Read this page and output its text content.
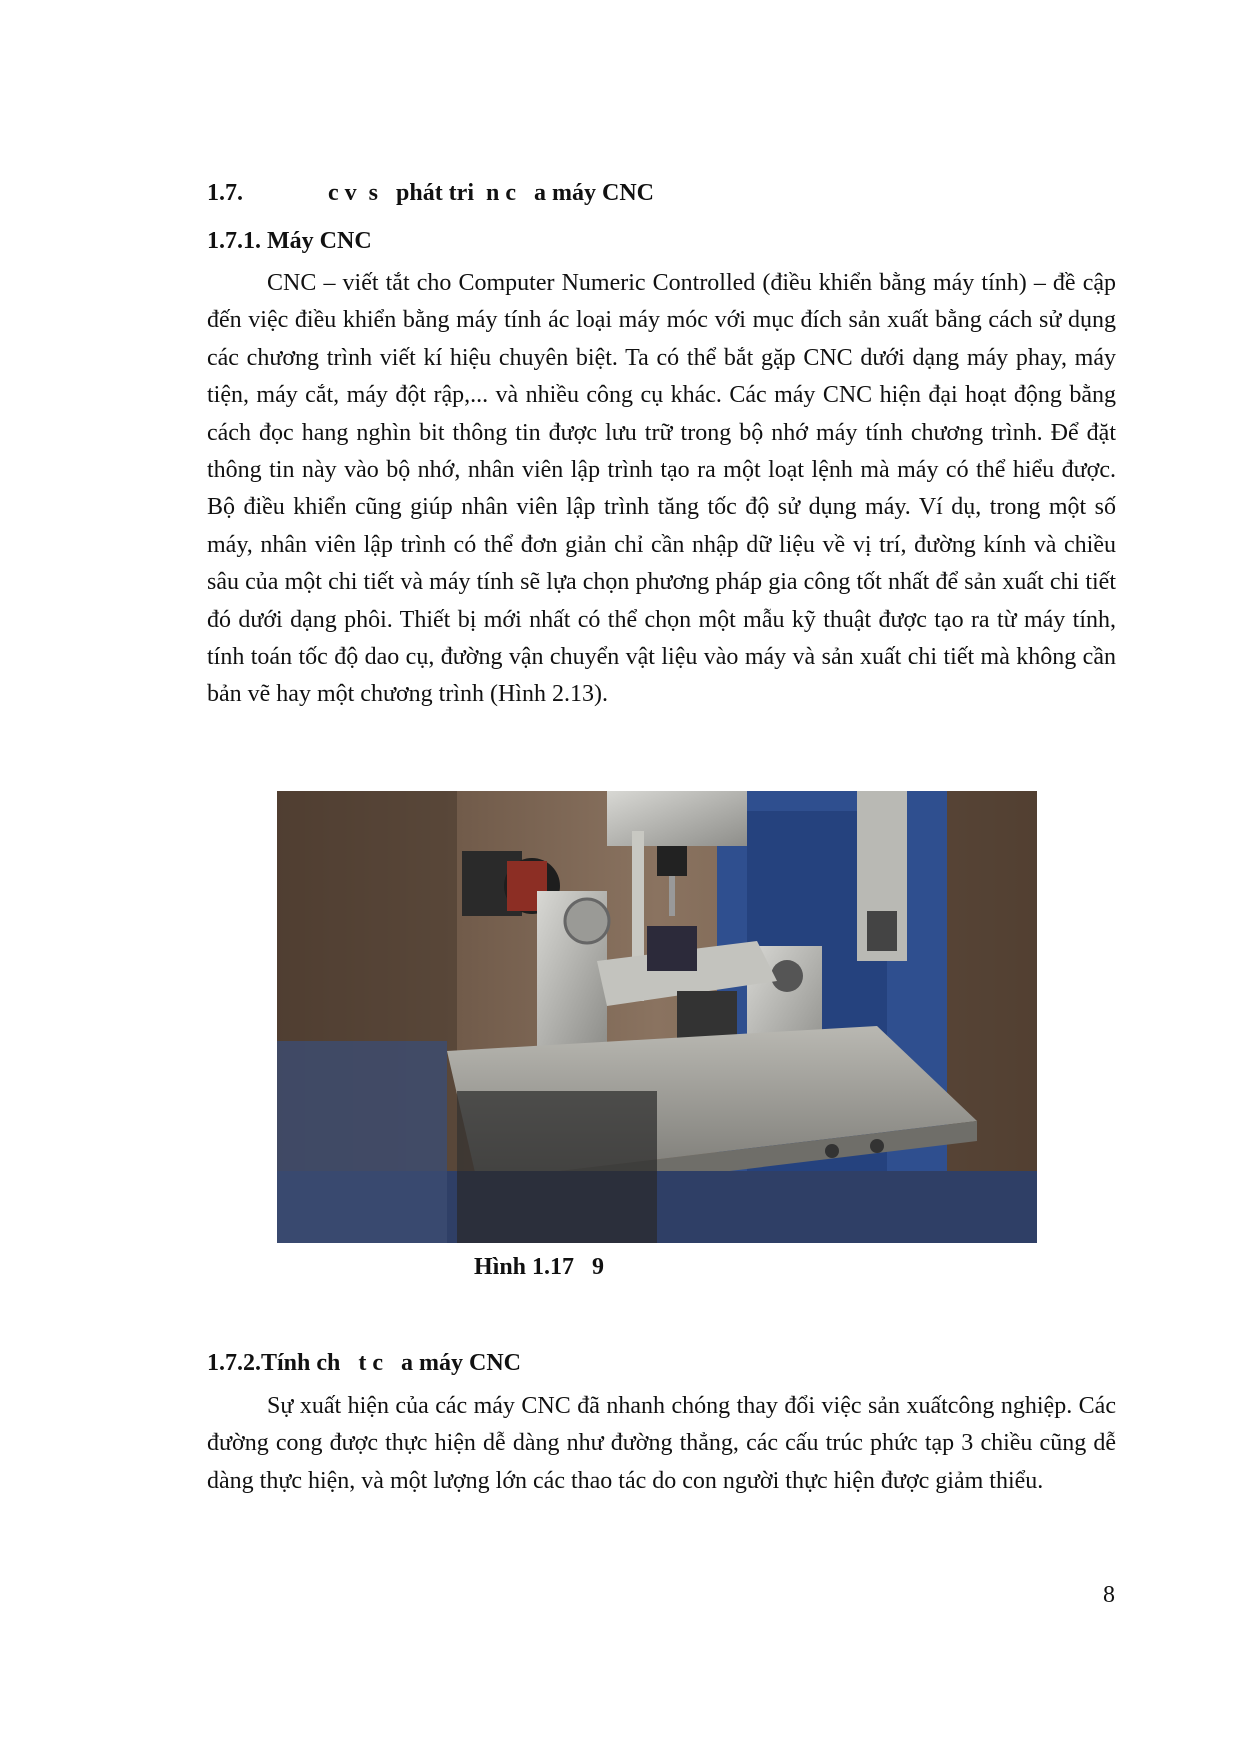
1.7.	c v  s   phát tri  n c   a máy CNC
1.7.1. Máy CNC

CNC – viết tắt cho Computer Numeric Controlled (điều khiển bằng máy tính) – đề cập đến việc điều khiển bằng máy tính ác loại máy móc với mục đích sản xuất bằng cách sử dụng các chương trình viết kí hiệu chuyên biệt. Ta có thể bắt gặp CNC dưới dạng máy phay, máy tiện, máy cắt, máy đột rập,... và nhiều công cụ khác. Các máy CNC hiện đại hoạt động bằng cách đọc hang nghìn bit thông tin được lưu trữ trong bộ nhớ máy tính chương trình. Để đặt thông tin này vào bộ nhớ, nhân viên lập trình tạo ra một loạt lệnh mà máy có thể hiểu được. Bộ điều khiển cũng giúp nhân viên lập trình tăng tốc độ sử dụng máy. Ví dụ, trong một số máy, nhân viên lập trình có thể đơn giản chỉ cần nhập dữ liệu về vị trí, đường kính và chiều sâu của một chi tiết và máy tính sẽ lựa chọn phương pháp gia công tốt nhất để sản xuất chi tiết đó dưới dạng phôi. Thiết bị mới nhất có thể chọn một mẫu kỹ thuật được tạo ra từ máy tính, tính toán tốc độ dao cụ, đường vận chuyển vật liệu vào máy và sản xuất chi tiết mà không cần bản vẽ hay một chương trình (Hình 2.13).

Hình 1.17   9
1.7.2.Tính ch   t c   a máy CNC

Sự xuất hiện của các máy CNC đã nhanh chóng thay đổi việc sản xuấtcông nghiệp. Các đường cong được thực hiện dễ dàng như đường thẳng, các cấu trúc phức tạp 3 chiều cũng dễ dàng thực hiện, và một lượng lớn các thao tác do con người thực hiện được giảm thiểu.

8
